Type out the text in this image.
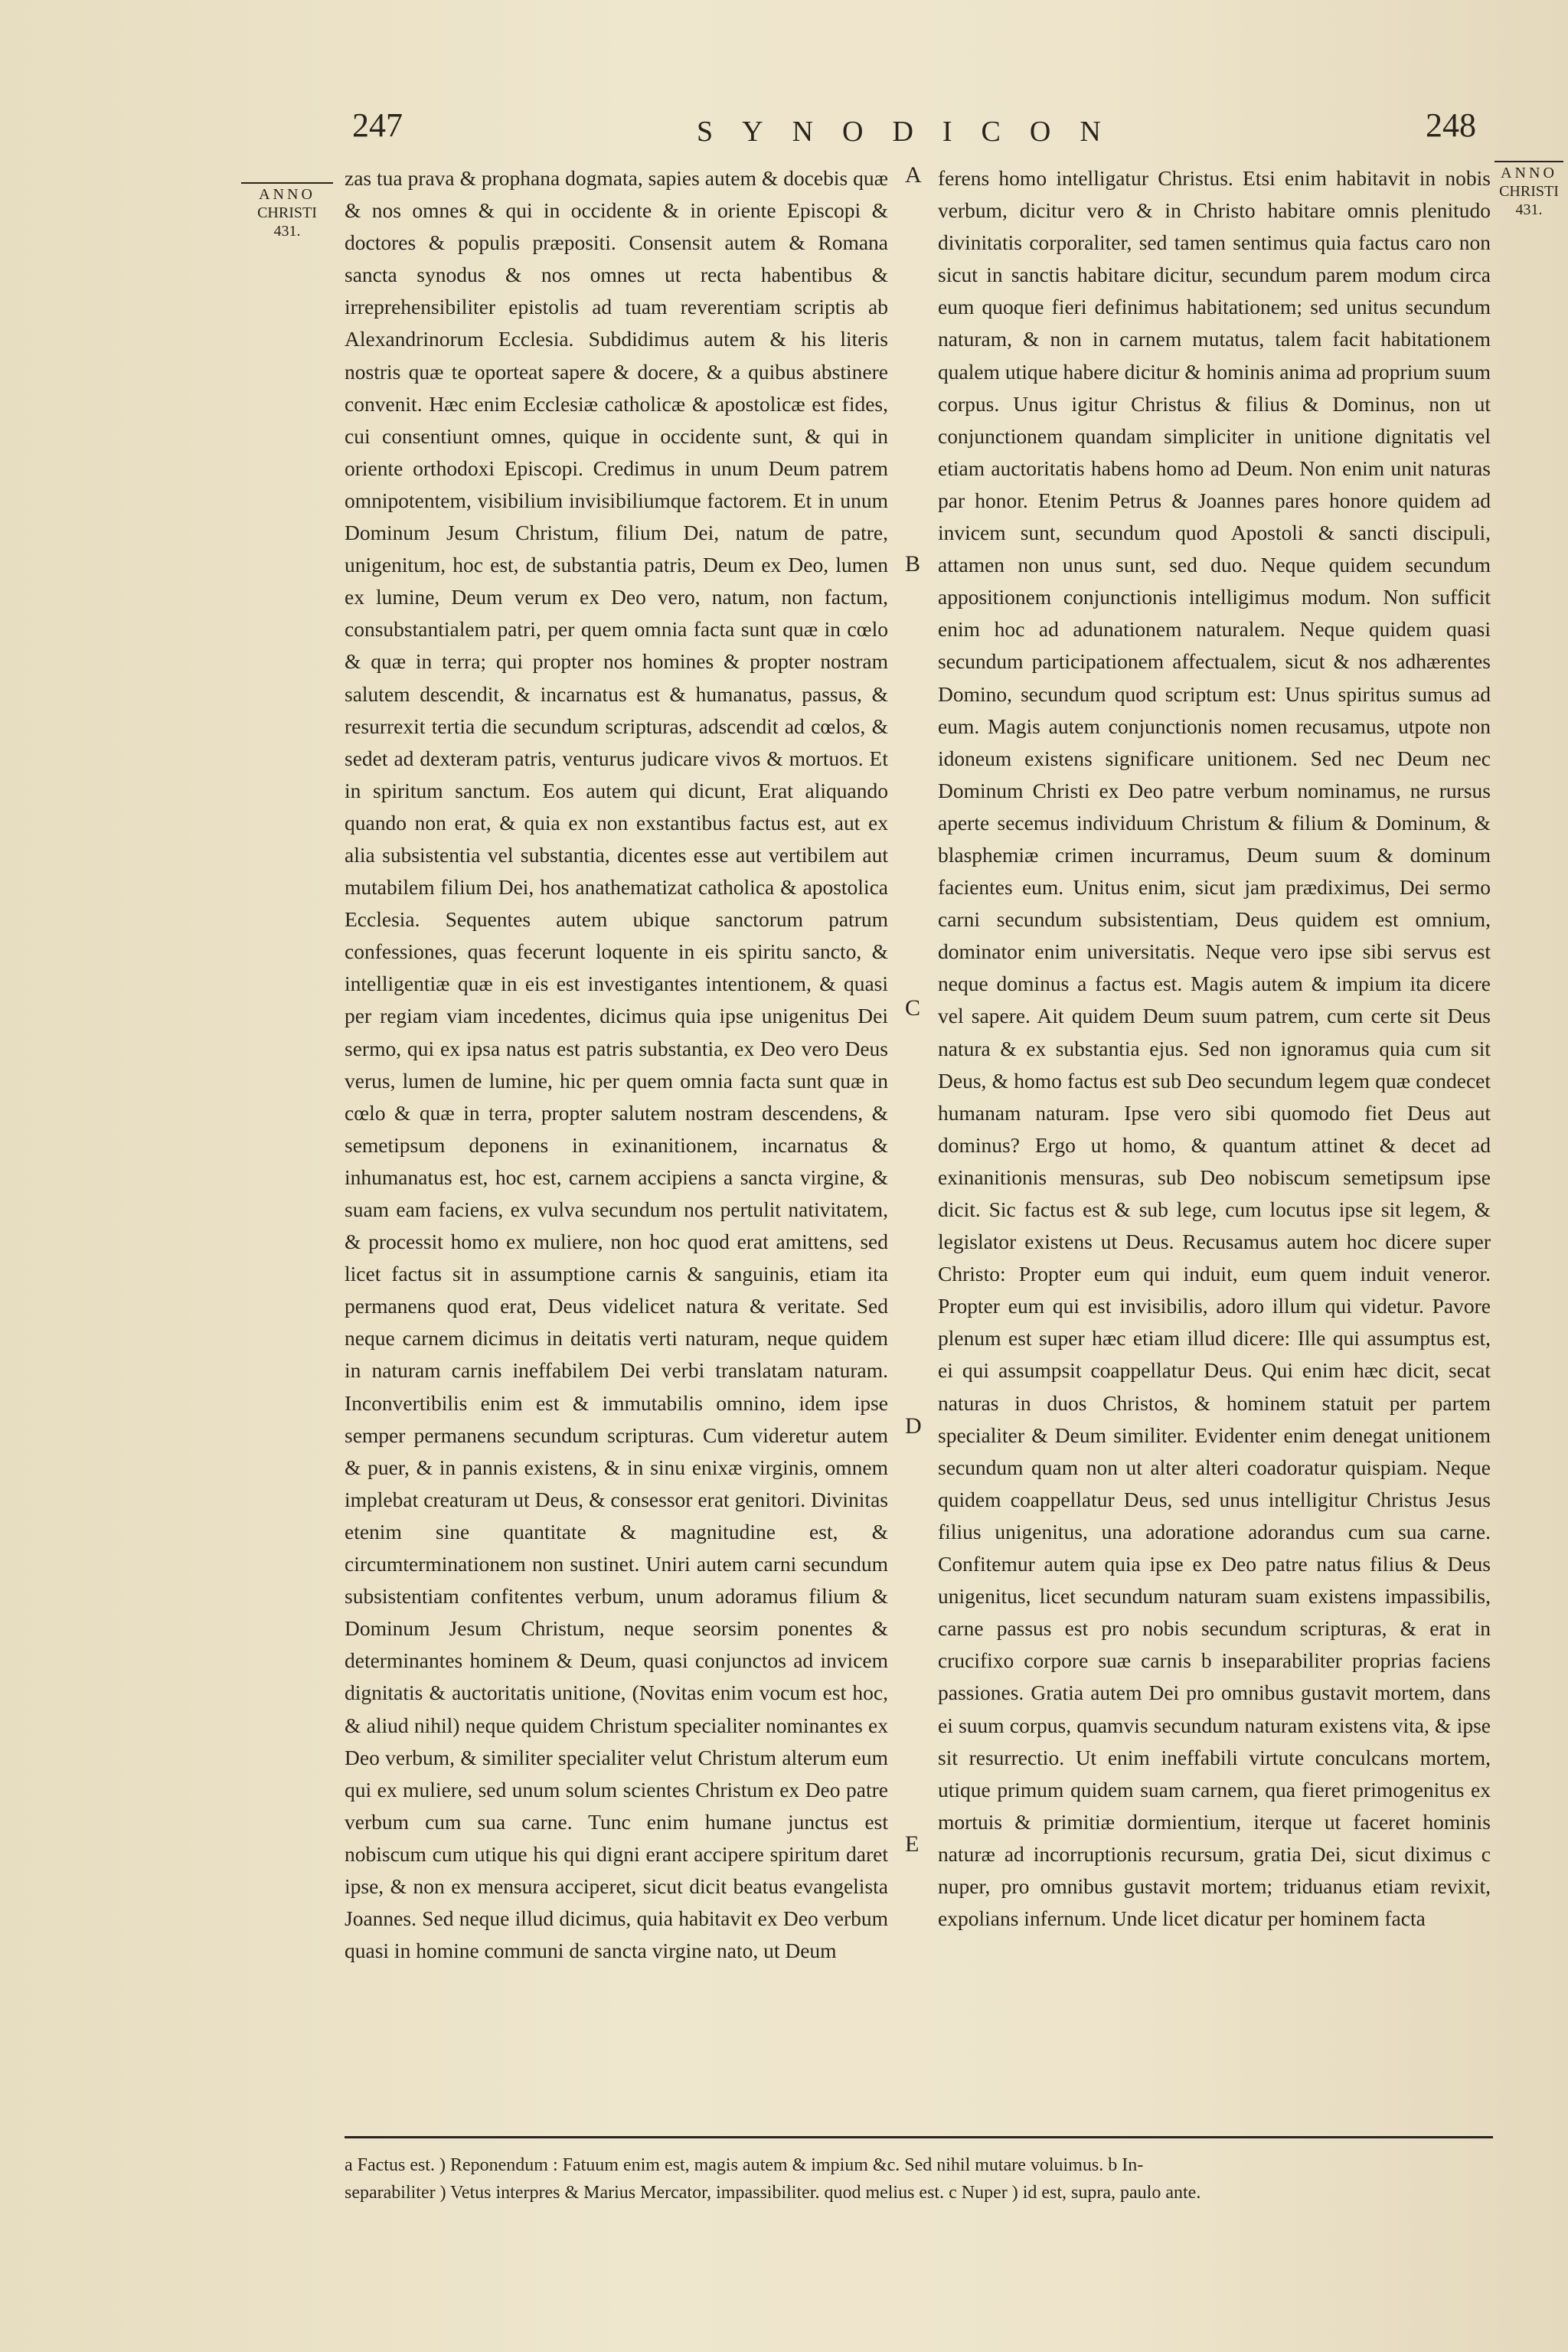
247	SYNODICON	248
ANNO
CHRISTI
431.
ANNO
CHRISTI
431.

zas tua prava & prophana dogmata, sapies autem & docebis quæ & nos omnes & qui in occidente & in oriente Episcopi & doctores & populis præpositi. Consensit autem & Romana sancta synodus & nos omnes ut recta habentibus & irreprehensibiliter epistolis ad tuam reverentiam scriptis ab Alexandrinorum Ecclesia. Subdidimus autem & his literis nostris quæ te oporteat sapere & docere, & a quibus abstinere convenit. Hæc enim Ecclesiæ catholicæ & apostolicæ est fides, cui consentiunt omnes, quique in occidente sunt, & qui in oriente orthodoxi Episcopi. Credimus in unum Deum patrem omnipotentem, visibilium invisibiliumque factorem. Et in unum Dominum Jesum Christum, filium Dei, natum de patre, unigenitum, hoc est, de substantia patris, Deum ex Deo, lumen ex lumine, Deum verum ex Deo vero, natum, non factum, consubstantialem patri, per quem omnia facta sunt quæ in cœlo & quæ in terra; qui propter nos homines & propter nostram salutem descendit, & incarnatus est & humanatus, passus, & resurrexit tertia die secundum scripturas, adscendit ad cœlos, & sedet ad dexteram patris, venturus judicare vivos & mortuos. Et in spiritum sanctum. Eos autem qui dicunt, Erat aliquando quando non erat, & quia ex non exstantibus factus est, aut ex alia subsistentia vel substantia, dicentes esse aut vertibilem aut mutabilem filium Dei, hos anathematizat catholica & apostolica Ecclesia. Sequentes autem ubique sanctorum patrum confessiones, quas fecerunt loquente in eis spiritu sancto, & intelligentiæ quæ in eis est investigantes intentionem, & quasi per regiam viam incedentes, dicimus quia ipse unigenitus Dei sermo, qui ex ipsa natus est patris substantia, ex Deo vero Deus verus, lumen de lumine, hic per quem omnia facta sunt quæ in cœlo & quæ in terra, propter salutem nostram descendens, & semetipsum deponens in exinanitionem, incarnatus & inhumanatus est, hoc est, carnem accipiens a sancta virgine, & suam eam faciens, ex vulva secundum nos pertulit nativitatem, & processit homo ex muliere, non hoc quod erat amittens, sed licet factus sit in assumptione carnis & sanguinis, etiam ita permanens quod erat, Deus videlicet natura & veritate. Sed neque carnem dicimus in deitatis verti naturam, neque quidem in naturam carnis ineffabilem Dei verbi translatam naturam. Inconvertibilis enim est & immutabilis omnino, idem ipse semper permanens secundum scripturas. Cum videretur autem & puer, & in pannis existens, & in sinu enixæ virginis, omnem implebat creaturam ut Deus, & consessor erat genitori. Divinitas etenim sine quantitate & magnitudine est, & circumterminationem non sustinet. Uniri autem carni secundum subsistentiam confitentes verbum, unum adoramus filium & Dominum Jesum Christum, neque seorsim ponentes & determinantes hominem & Deum, quasi conjunctos ad invicem dignitatis & auctoritatis unitione, (Novitas enim vocum est hoc, & aliud nihil) neque quidem Christum specialiter nominantes ex Deo verbum, & similiter specialiter velut Christum alterum eum qui ex muliere, sed unum solum scientes Christum ex Deo patre verbum cum sua carne. Tunc enim humane junctus est nobiscum cum utique his qui digni erant accipere spiritum daret ipse, & non ex mensura acciperet, sicut dicit beatus evangelista Joannes. Sed neque illud dicimus, quia habitavit ex Deo verbum quasi in homine communi de sancta virgine nato, ut Deum

A
B
C
D
E

ferens homo intelligatur Christus. Etsi enim habitavit in nobis verbum, dicitur vero & in Christo habitare omnis plenitudo divinitatis corporaliter, sed tamen sentimus quia factus caro non sicut in sanctis habitare dicitur, secundum parem modum circa eum quoque fieri definimus habitationem; sed unitus secundum naturam, & non in carnem mutatus, talem facit habitationem qualem utique habere dicitur & hominis anima ad proprium suum corpus. Unus igitur Christus & filius & Dominus, non ut conjunctionem quandam simpliciter in unitione dignitatis vel etiam auctoritatis habens homo ad Deum. Non enim unit naturas par honor. Etenim Petrus & Joannes pares honore quidem ad invicem sunt, secundum quod Apostoli & sancti discipuli, attamen non unus sunt, sed duo. Neque quidem secundum appositionem conjunctionis intelligimus modum. Non sufficit enim hoc ad adunationem naturalem. Neque quidem quasi secundum participationem affectualem, sicut & nos adhærentes Domino, secundum quod scriptum est: Unus spiritus sumus ad eum. Magis autem conjunctionis nomen recusamus, utpote non idoneum existens significare unitionem. Sed nec Deum nec Dominum Christi ex Deo patre verbum nominamus, ne rursus aperte secemus individuum Christum & filium & Dominum, & blasphemiæ crimen incurramus, Deum suum & dominum facientes eum. Unitus enim, sicut jam prædiximus, Dei sermo carni secundum subsistentiam, Deus quidem est omnium, dominator enim universitatis. Neque vero ipse sibi servus est neque dominus a factus est. Magis autem & impium ita dicere vel sapere. Ait quidem Deum suum patrem, cum certe sit Deus natura & ex substantia ejus. Sed non ignoramus quia cum sit Deus, & homo factus est sub Deo secundum legem quæ condecet humanam naturam. Ipse vero sibi quomodo fiet Deus aut dominus? Ergo ut homo, & quantum attinet & decet ad exinanitionis mensuras, sub Deo nobiscum semetipsum ipse dicit. Sic factus est & sub lege, cum locutus ipse sit legem, & legislator existens ut Deus. Recusamus autem hoc dicere super Christo: Propter eum qui induit, eum quem induit veneror. Propter eum qui est invisibilis, adoro illum qui videtur. Pavore plenum est super hæc etiam illud dicere: Ille qui assumptus est, ei qui assumpsit coappellatur Deus. Qui enim hæc dicit, secat naturas in duos Christos, & hominem statuit per partem specialiter & Deum similiter. Evidenter enim denegat unitionem secundum quam non ut alter alteri coadoratur quispiam. Neque quidem coappellatur Deus, sed unus intelligitur Christus Jesus filius unigenitus, una adoratione adorandus cum sua carne. Confitemur autem quia ipse ex Deo patre natus filius & Deus unigenitus, licet secundum naturam suam existens impassibilis, carne passus est pro nobis secundum scripturas, & erat in crucifixo corpore suæ carnis b inseparabiliter proprias faciens passiones. Gratia autem Dei pro omnibus gustavit mortem, dans ei suum corpus, quamvis secundum naturam existens vita, & ipse sit resurrectio. Ut enim ineffabili virtute conculcans mortem, utique primum quidem suam carnem, qua fieret primogenitus ex mortuis & primitiæ dormientium, iterque ut faceret hominis naturæ ad incorruptionis recursum, gratia Dei, sicut diximus c nuper, pro omnibus gustavit mortem; triduanus etiam revixit, expolians infernum. Unde licet dicatur per hominem facta

a Factus est. ) Reponendum : Fatuum enim est, magis autem & impium &c. Sed nihil mutare voluimus. b In-
separabiliter ) Vetus interpres & Marius Mercator, impassibiliter. quod melius est. c Nuper ) id est, supra, paulo ante.
